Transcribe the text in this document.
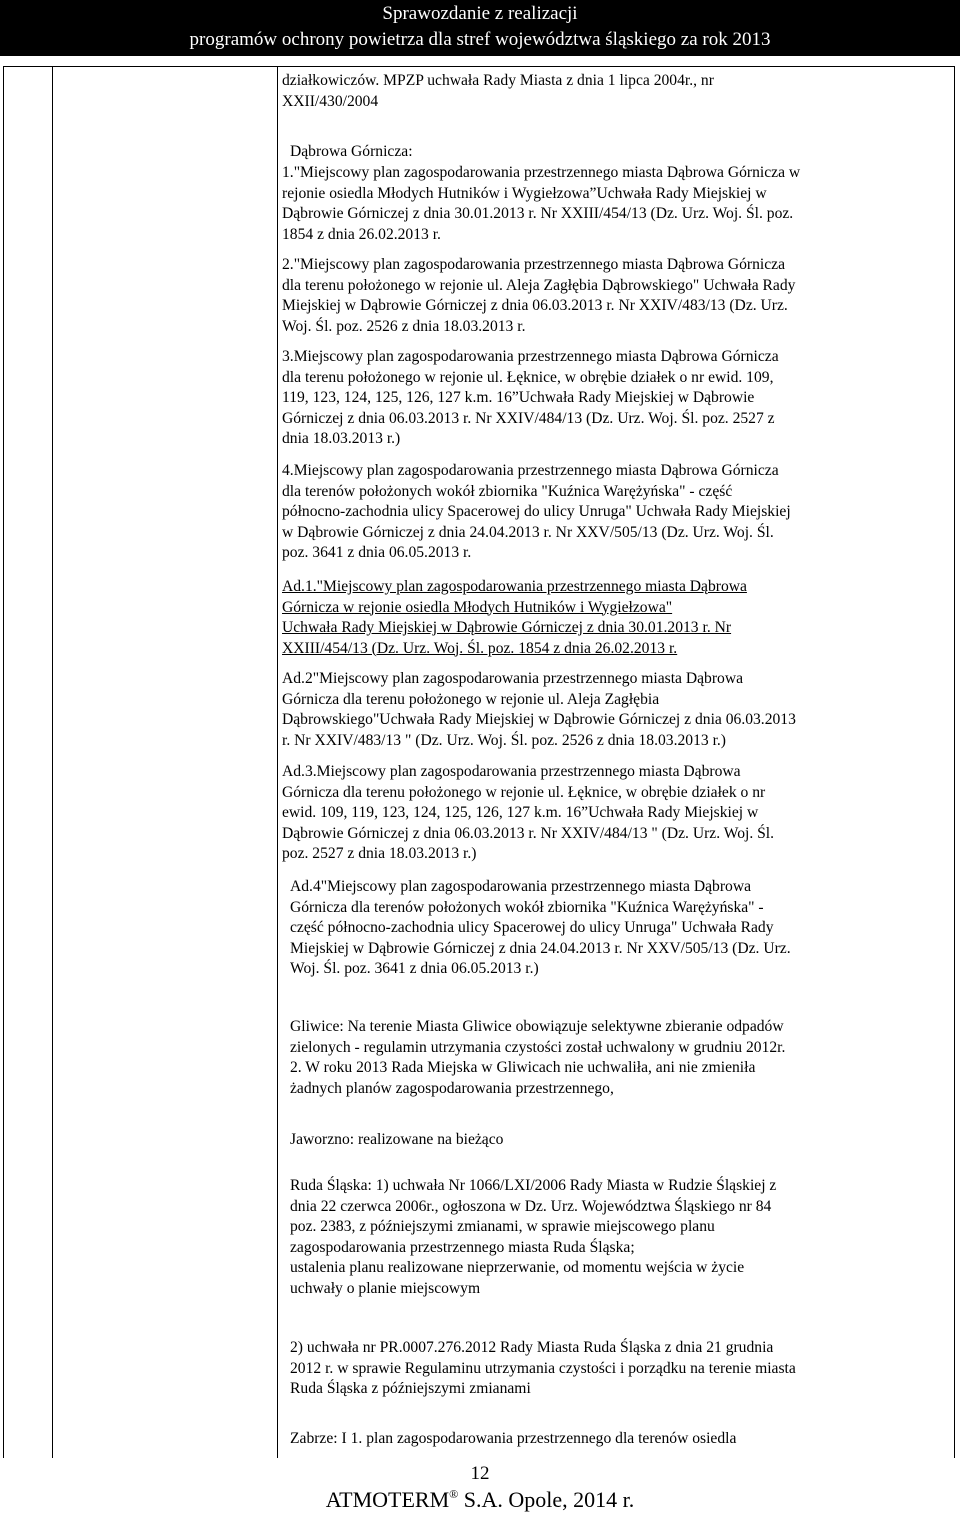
Sprawozdanie z realizacji
programów ochrony powietrza dla stref województwa śląskiego za rok 2013
działkowiczów. MPZP uchwała Rady Miasta z dnia 1 lipca 2004r., nr
XXII/430/2004
Dąbrowa Górnicza:
1."Miejscowy plan zagospodarowania przestrzennego miasta Dąbrowa Górnicza w
rejonie osiedla Młodych Hutników i Wygiełzowa”Uchwała Rady Miejskiej w
Dąbrowie Górniczej z dnia 30.01.2013 r. Nr XXIII/454/13 (Dz. Urz. Woj. Śl. poz.
1854 z dnia 26.02.2013 r.
2."Miejscowy plan zagospodarowania przestrzennego miasta Dąbrowa Górnicza
dla terenu położonego w rejonie ul. Aleja Zagłębia Dąbrowskiego" Uchwała Rady
Miejskiej w Dąbrowie Górniczej z dnia 06.03.2013 r. Nr XXIV/483/13 (Dz. Urz.
Woj. Śl. poz. 2526 z dnia 18.03.2013 r.
3.Miejscowy plan zagospodarowania przestrzennego miasta Dąbrowa Górnicza
dla terenu położonego w rejonie ul. Łęknice, w obrębie działek o nr ewid. 109,
119, 123, 124, 125, 126, 127 k.m. 16”Uchwała Rady Miejskiej w Dąbrowie
Górniczej z dnia 06.03.2013 r. Nr XXIV/484/13 (Dz. Urz. Woj. Śl. poz. 2527 z
dnia 18.03.2013 r.)
4.Miejscowy plan zagospodarowania przestrzennego miasta Dąbrowa Górnicza
dla terenów położonych wokół zbiornika "Kuźnica Warężyńska" - część
północno-zachodnia ulicy Spacerowej do ulicy Unruga" Uchwała Rady Miejskiej
w Dąbrowie Górniczej z dnia 24.04.2013 r. Nr XXV/505/13 (Dz. Urz. Woj. Śl.
poz. 3641 z dnia 06.05.2013 r.
Ad.1."Miejscowy plan zagospodarowania przestrzennego miasta Dąbrowa
Górnicza w rejonie osiedla Młodych Hutników i Wygiełzowa"
Uchwała Rady Miejskiej w Dąbrowie Górniczej z dnia 30.01.2013 r. Nr
XXIII/454/13 (Dz. Urz. Woj. Śl. poz. 1854 z dnia 26.02.2013 r.
Ad.2"Miejscowy plan zagospodarowania przestrzennego miasta Dąbrowa
Górnicza dla terenu położonego w rejonie ul. Aleja Zagłębia
Dąbrowskiego"Uchwała Rady Miejskiej w Dąbrowie Górniczej z dnia 06.03.2013
r. Nr XXIV/483/13 " (Dz. Urz. Woj. Śl. poz. 2526 z dnia 18.03.2013 r.)
Ad.3.Miejscowy plan zagospodarowania przestrzennego miasta Dąbrowa
Górnicza dla terenu położonego w rejonie ul. Łęknice, w obrębie działek o nr
ewid. 109, 119, 123, 124, 125, 126, 127 k.m. 16”Uchwała Rady Miejskiej w
Dąbrowie Górniczej z dnia 06.03.2013 r. Nr XXIV/484/13 " (Dz. Urz. Woj. Śl.
poz. 2527 z dnia 18.03.2013 r.)
Ad.4"Miejscowy plan zagospodarowania przestrzennego miasta Dąbrowa
Górnicza dla terenów położonych wokół zbiornika "Kuźnica Warężyńska" -
część północno-zachodnia ulicy Spacerowej do ulicy Unruga" Uchwała Rady
Miejskiej w Dąbrowie Górniczej z dnia 24.04.2013 r. Nr XXV/505/13 (Dz. Urz.
Woj. Śl. poz. 3641 z dnia 06.05.2013 r.)
Gliwice: Na terenie Miasta Gliwice obowiązuje selektywne zbieranie odpadów
zielonych - regulamin utrzymania czystości został uchwalony w grudniu 2012r.
2. W roku 2013 Rada Miejska w Gliwicach nie uchwaliła, ani nie zmieniła
żadnych planów zagospodarowania przestrzennego,
Jaworzno: realizowane na bieżąco
Ruda Śląska: 1) uchwała Nr 1066/LXI/2006 Rady Miasta w Rudzie Śląskiej z
dnia 22 czerwca 2006r., ogłoszona w Dz. Urz. Województwa Śląskiego nr 84
poz. 2383, z późniejszymi zmianami, w sprawie miejscowego planu
zagospodarowania przestrzennego miasta Ruda Śląska;
ustalenia planu realizowane nieprzerwanie, od momentu wejścia w życie
uchwały o planie miejscowym
2) uchwała nr PR.0007.276.2012 Rady Miasta Ruda Śląska z dnia 21 grudnia
2012 r. w sprawie Regulaminu utrzymania czystości i porządku na terenie miasta
Ruda Śląska z późniejszymi zmianami
Zabrze: I 1. plan zagospodarowania przestrzennego dla terenów osiedla
12
ATMOTERM® S.A. Opole, 2014 r.
